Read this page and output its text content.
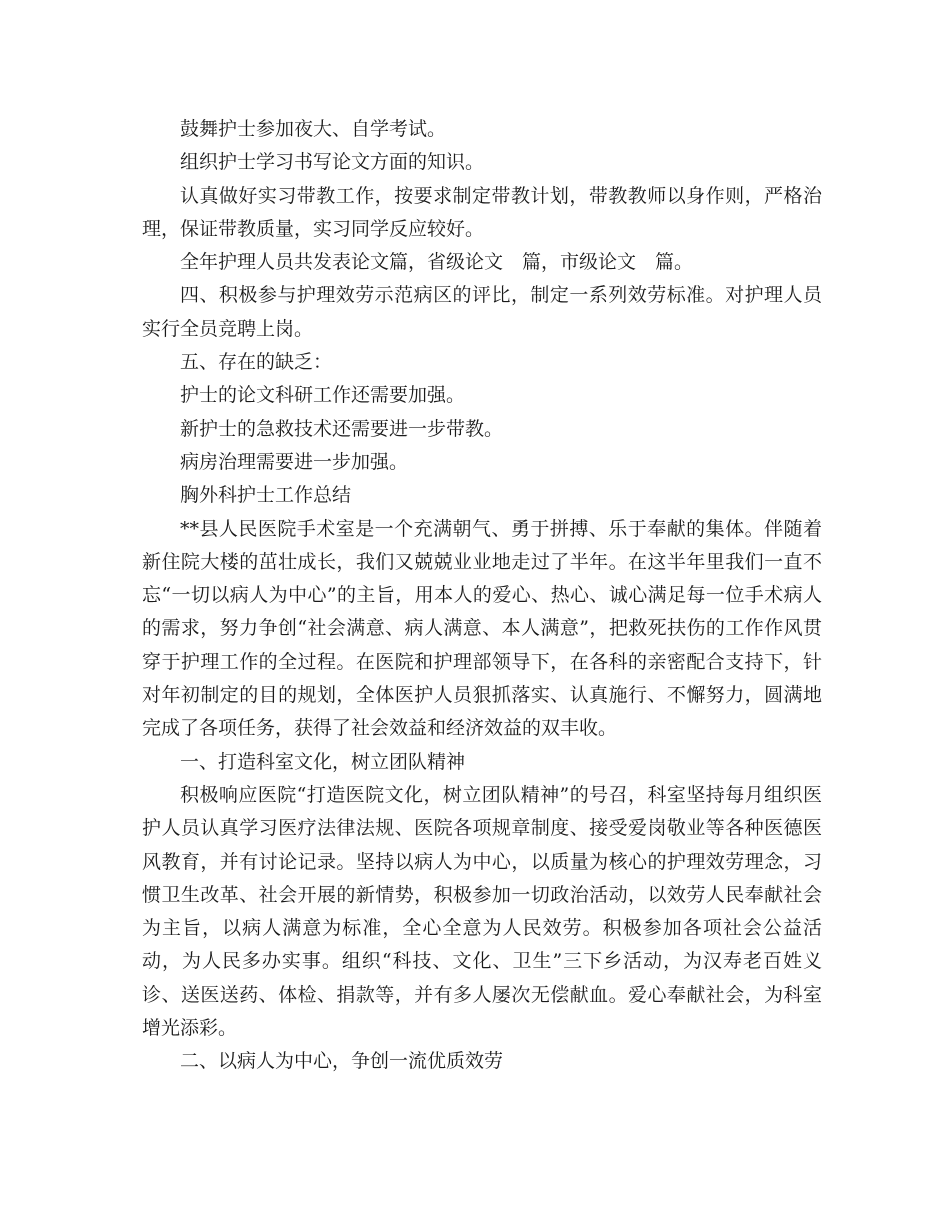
鼓舞护士参加夜大、自学考试。

组织护士学习书写论文方面的知识。

认真做好实习带教工作，按要求制定带教计划，带教教师以身作则，严格治理，保证带教质量，实习同学反应较好。

全年护理人员共发表论文篇，省级论文　篇，市级论文　篇。

四、积极参与护理效劳示范病区的评比，制定一系列效劳标准。对护理人员实行全员竞聘上岗。

五、存在的缺乏：

护士的论文科研工作还需要加强。

新护士的急救技术还需要进一步带教。

病房治理需要进一步加强。

胸外科护士工作总结

**县人民医院手术室是一个充满朝气、勇于拼搏、乐于奉献的集体。伴随着新住院大楼的茁壮成长，我们又兢兢业业地走过了半年。在这半年里我们一直不忘“一切以病人为中心”的主旨，用本人的爱心、热心、诚心满足每一位手术病人的需求，努力争创“社会满意、病人满意、本人满意”，把救死扶伤的工作作风贯穿于护理工作的全过程。在医院和护理部领导下，在各科的亲密配合支持下，针对年初制定的目的规划，全体医护人员狠抓落实、认真施行、不懈努力，圆满地完成了各项任务，获得了社会效益和经济效益的双丰收。

一、打造科室文化，树立团队精神

积极响应医院“打造医院文化，树立团队精神”的号召，科室坚持每月组织医护人员认真学习医疗法律法规、医院各项规章制度、接受爱岗敬业等各种医德医风教育，并有讨论记录。坚持以病人为中心，以质量为核心的护理效劳理念，习惯卫生改革、社会开展的新情势，积极参加一切政治活动，以效劳人民奉献社会为主旨，以病人满意为标准，全心全意为人民效劳。积极参加各项社会公益活动，为人民多办实事。组织“科技、文化、卫生”三下乡活动，为汉寿老百姓义诊、送医送药、体检、捐款等，并有多人屡次无偿献血。爱心奉献社会，为科室增光添彩。

二、以病人为中心，争创一流优质效劳
